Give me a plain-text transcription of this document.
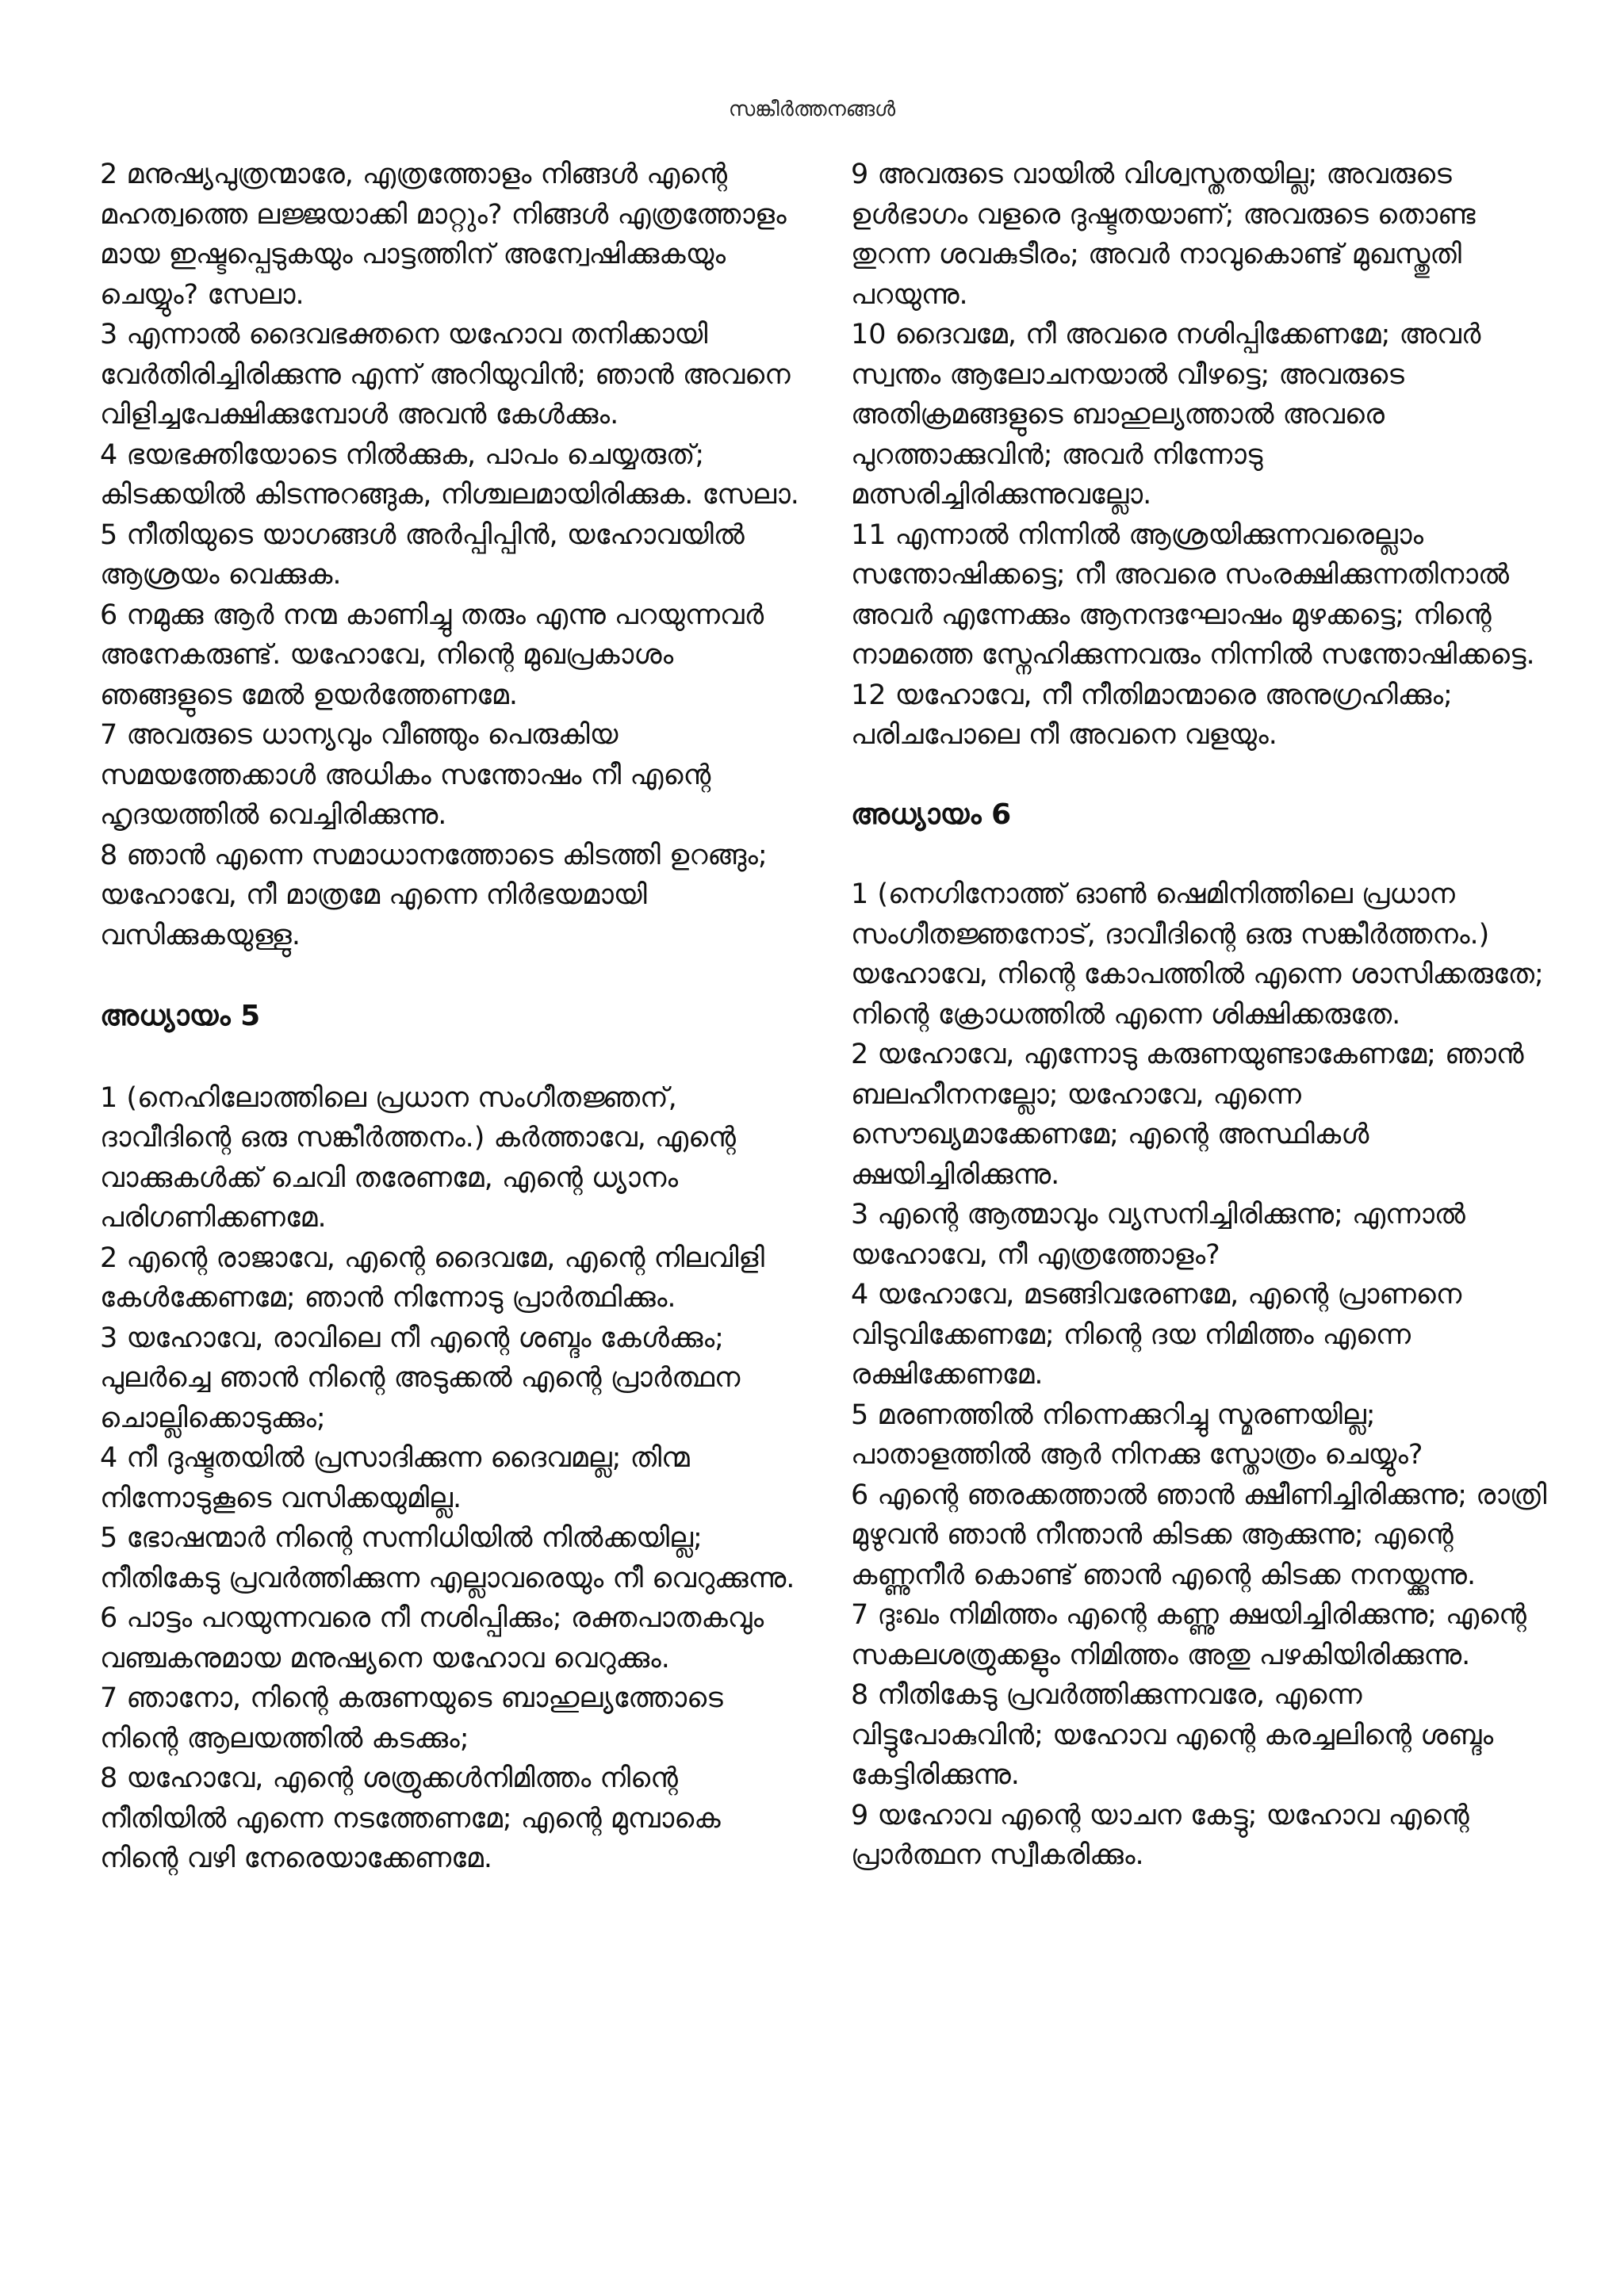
സങ്കീർത്തനങ്ങൾ

2 മനുഷ്യപുത്രന്മാരേ, എത്രത്തോളം നിങ്ങൾ എന്റെ മഹത്വത്തെ ലജ്ജയാക്കി മാറ്റും? നിങ്ങൾ എത്രത്തോളം മായ ഇഷ്ടപ്പെടുകയും പാട്ടത്തിന് അന്വേഷിക്കുകയും ചെയ്യും? സേലാ.

3 എന്നാൽ ദൈവഭക്തനെ യഹോവ തനിക്കായി വേർതിരിച്ചിരിക്കുന്നു എന്ന് അറിയുവിൻ; ഞാൻ അവനെ വിളിച്ചപേക്ഷിക്കുമ്പോൾ അവൻ കേൾക്കും.

4 ഭയഭക്തിയോടെ നിൽക്കുക, പാപം ചെയ്യരുത്; കിടക്കയിൽ കിടന്നുറങ്ങുക, നിശ്ചലമായിരിക്കുക. സേലാ.

5 നീതിയുടെ യാഗങ്ങൾ അർപ്പിപ്പിൻ, യഹോവയിൽ ആശ്രയം വെക്കുക.

6 നമുക്കു ആർ നന്മ കാണിച്ചു തരും എന്നു പറയുന്നവർ അനേകരുണ്ട്. യഹോവേ, നിന്റെ മുഖപ്രകാശം ഞങ്ങളുടെ മേൽ ഉയർത്തേണമേ.

7 അവരുടെ ധാന്യവും വീഞ്ഞും പെരുകിയ സമയത്തേക്കാൾ അധികം സന്തോഷം നീ എന്റെ ഹൃദയത്തിൽ വെച്ചിരിക്കുന്നു.

8 ഞാൻ എന്നെ സമാധാനത്തോടെ കിടത്തി ഉറങ്ങും; യഹോവേ, നീ മാത്രമേ എന്നെ നിർഭയമായി വസിക്കുകയുള്ളു.

അധ്യായം 5

1 (നെഹിലോത്തിലെ പ്രധാന സംഗീതജ്ഞന്, ദാവീദിന്റെ ഒരു സങ്കീർത്തനം.) കർത്താവേ, എന്റെ വാക്കുകൾക്ക് ചെവി തരേണമേ, എന്റെ ധ്യാനം പരിഗണിക്കണമേ.

2 എന്റെ രാജാവേ, എന്റെ ദൈവമേ, എന്റെ നിലവിളി കേൾക്കേണമേ; ഞാൻ നിന്നോടു പ്രാർത്ഥിക്കും.

3 യഹോവേ, രാവിലെ നീ എന്റെ ശബ്ദം കേൾക്കും; പുലർച്ചെ ഞാൻ നിന്റെ അടുക്കൽ എന്റെ പ്രാർത്ഥന ചൊല്ലിക്കൊടുക്കും;

4 നീ ദുഷ്ടതയിൽ പ്രസാദിക്കുന്ന ദൈവമല്ല; തിന്മ നിന്നോടുകൂടെ വസിക്കയുമില്ല.

5 ഭോഷന്മാർ നിന്റെ സന്നിധിയിൽ നിൽക്കയില്ല; നീതികേടു പ്രവർത്തിക്കുന്ന എല്ലാവരെയും നീ വെറുക്കുന്നു.

6 പാട്ടം പറയുന്നവരെ നീ നശിപ്പിക്കും; രക്തപാതകവും വഞ്ചകനുമായ മനുഷ്യനെ യഹോവ വെറുക്കും.

7 ഞാനോ, നിന്റെ കരുണയുടെ ബാഹുല്യത്തോടെ നിന്റെ ആലയത്തിൽ കടക്കും;

8 യഹോവേ, എന്റെ ശത്രുക്കൾനിമിത്തം നിന്റെ നീതിയിൽ എന്നെ നടത്തേണമേ; എന്റെ മുമ്പാകെ നിന്റെ വഴി നേരെയാക്കേണമേ.

9 അവരുടെ വായിൽ വിശ്വസ്തതയില്ല; അവരുടെ ഉൾഭാഗം വളരെ ദുഷ്ടതയാണ്; അവരുടെ തൊണ്ട തുറന്ന ശവകുടീരം; അവർ നാവുകൊണ്ട് മുഖസ്തുതി പറയുന്നു.

10 ദൈവമേ, നീ അവരെ നശിപ്പിക്കേണമേ; അവർ സ്വന്തം ആലോചനയാൽ വീഴട്ടെ; അവരുടെ അതിക്രമങ്ങളുടെ ബാഹുല്യത്താൽ അവരെ പുറത്താക്കുവിൻ; അവർ നിന്നോടു മത്സരിച്ചിരിക്കുന്നുവല്ലോ.

11 എന്നാൽ നിന്നിൽ ആശ്രയിക്കുന്നവരെല്ലാം സന്തോഷിക്കട്ടെ; നീ അവരെ സംരക്ഷിക്കുന്നതിനാൽ അവർ എന്നേക്കും ആനന്ദഘോഷം മുഴക്കട്ടെ; നിന്റെ നാമത്തെ സ്നേഹിക്കുന്നവരും നിന്നിൽ സന്തോഷിക്കട്ടെ.

12 യഹോവേ, നീ നീതിമാന്മാരെ അനുഗ്രഹിക്കും; പരിചപോലെ നീ അവനെ വളയും.

അധ്യായം 6

1 (നെഗിനോത്ത് ഓൺ ഷെമിനിത്തിലെ പ്രധാന സംഗീതജ്ഞനോട്, ദാവീദിന്റെ ഒരു സങ്കീർത്തനം.) യഹോവേ, നിന്റെ കോപത്തിൽ എന്നെ ശാസിക്കരുതേ; നിന്റെ ക്രോധത്തിൽ എന്നെ ശിക്ഷിക്കരുതേ.

2 യഹോവേ, എന്നോടു കരുണയുണ്ടാകേണമേ; ഞാൻ ബലഹീനനല്ലോ; യഹോവേ, എന്നെ സൌഖ്യമാക്കേണമേ; എന്റെ അസ്ഥികൾ ക്ഷയിച്ചിരിക്കുന്നു.

3 എന്റെ ആത്മാവും വ്യസനിച്ചിരിക്കുന്നു; എന്നാൽ യഹോവേ, നീ എത്രത്തോളം?

4 യഹോവേ, മടങ്ങിവരേണമേ, എന്റെ പ്രാണനെ വിടുവിക്കേണമേ; നിന്റെ ദയ നിമിത്തം എന്നെ രക്ഷിക്കേണമേ.

5 മരണത്തിൽ നിന്നെക്കുറിച്ചു സ്മരണയില്ല; പാതാളത്തിൽ ആർ നിനക്കു സ്തോത്രം ചെയ്യും?

6 എന്റെ ഞരക്കത്താൽ ഞാൻ ക്ഷീണിച്ചിരിക്കുന്നു; രാത്രി മുഴുവൻ ഞാൻ നീന്താൻ കിടക്ക ആക്കുന്നു; എന്റെ കണ്ണുനീർ കൊണ്ട് ഞാൻ എന്റെ കിടക്ക നനയ്ക്കുന്നു.

7 ദുഃഖം നിമിത്തം എന്റെ കണ്ണു ക്ഷയിച്ചിരിക്കുന്നു; എന്റെ സകലശത്രുക്കളും നിമിത്തം അതു പഴകിയിരിക്കുന്നു.

8 നീതികേടു പ്രവർത്തിക്കുന്നവരേ, എന്നെ വിട്ടുപോകുവിൻ; യഹോവ എന്റെ കരച്ചലിന്റെ ശബ്ദം കേട്ടിരിക്കുന്നു.

9 യഹോവ എന്റെ യാചന കേട്ടു; യഹോവ എന്റെ പ്രാർത്ഥന സ്വീകരിക്കും.
